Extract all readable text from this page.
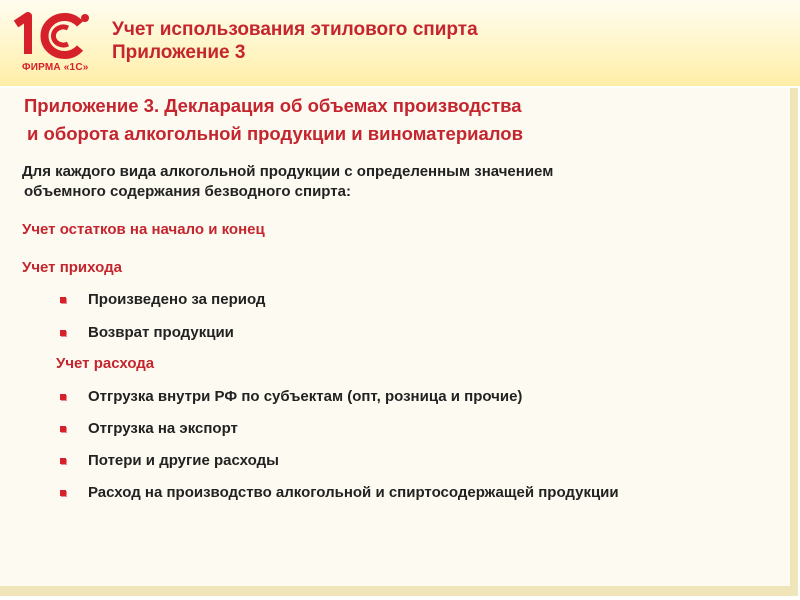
ФИРМА «1С»
Учет использования этилового спирта
Приложение 3
Приложение 3. Декларация об объемах производства
и оборота алкогольной продукции и виноматериалов
Для каждого вида алкогольной продукции с определенным значением
объемного содержания безводного спирта:
Учет остатков на начало и конец
Учет прихода
Произведено за период
Возврат продукции
Учет расхода
Отгрузка внутри РФ по субъектам (опт, розница и прочие)
Отгрузка на экспорт
Потери и другие расходы
Расход на производство алкогольной и спиртосодержащей продукции
